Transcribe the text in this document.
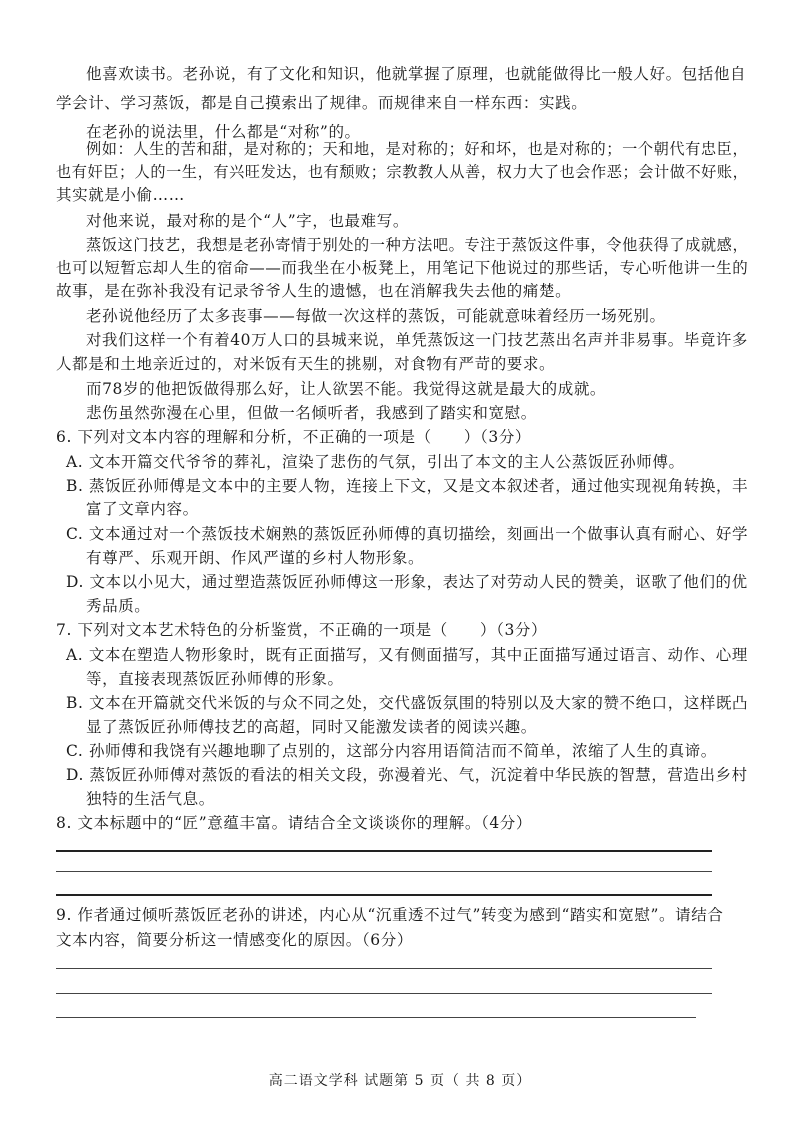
他喜欢读书。老孙说，有了文化和知识，他就掌握了原理，也就能做得比一般人好。包括他自
学会计、学习蒸饭，都是自己摸索出了规律。而规律来自一样东西：实践。
在老孙的说法里，什么都是“对称”的。
例如：人生的苦和甜，是对称的；天和地，是对称的；好和坏，也是对称的；一个朝代有忠臣，
也有奸臣；人的一生，有兴旺发达，也有颓败；宗教教人从善，权力大了也会作恶；会计做不好账，
其实就是小偷……
对他来说，最对称的是个“人”字，也最难写。
蒸饭这门技艺，我想是老孙寄情于别处的一种方法吧。专注于蒸饭这件事，令他获得了成就感，
也可以短暂忘却人生的宿命——而我坐在小板凳上，用笔记下他说过的那些话，专心听他讲一生的
故事，是在弥补我没有记录爷爷人生的遗憾，也在消解我失去他的痛楚。
老孙说他经历了太多丧事——每做一次这样的蒸饭，可能就意味着经历一场死别。
对我们这样一个有着40万人口的县城来说，单凭蒸饭这一门技艺蒸出名声并非易事。毕竟许多
人都是和土地亲近过的，对米饭有天生的挑剔，对食物有严苛的要求。
而78岁的他把饭做得那么好，让人欲罢不能。我觉得这就是最大的成就。
悲伤虽然弥漫在心里，但做一名倾听者，我感到了踏实和宽慰。
6. 下列对文本内容的理解和分析，不正确的一项是（　　）（3分）
A. 文本开篇交代爷爷的葬礼，渲染了悲伤的气氛，引出了本文的主人公蒸饭匠孙师傅。
B. 蒸饭匠孙师傅是文本中的主要人物，连接上下文，又是文本叙述者，通过他实现视角转换，丰
富了文章内容。
C. 文本通过对一个蒸饭技术娴熟的蒸饭匠孙师傅的真切描绘，刻画出一个做事认真有耐心、好学
有尊严、乐观开朗、作风严谨的乡村人物形象。
D. 文本以小见大，通过塑造蒸饭匠孙师傅这一形象，表达了对劳动人民的赞美，讴歌了他们的优
秀品质。
7. 下列对文本艺术特色的分析鉴赏，不正确的一项是（　　）（3分）
A. 文本在塑造人物形象时，既有正面描写，又有侧面描写，其中正面描写通过语言、动作、心理
等，直接表现蒸饭匠孙师傅的形象。
B. 文本在开篇就交代米饭的与众不同之处，交代盛饭氛围的特别以及大家的赞不绝口，这样既凸
显了蒸饭匠孙师傅技艺的高超，同时又能激发读者的阅读兴趣。
C. 孙师傅和我饶有兴趣地聊了点别的，这部分内容用语简洁而不简单，浓缩了人生的真谛。
D. 蒸饭匠孙师傅对蒸饭的看法的相关文段，弥漫着光、气，沉淀着中华民族的智慧，营造出乡村
独特的生活气息。
8. 文本标题中的“匠”意蕴丰富。请结合全文谈谈你的理解。（4分）
9. 作者通过倾听蒸饭匠老孙的讲述，内心从“沉重透不过气”转变为感到“踏实和宽慰”。请结合
文本内容，简要分析这一情感变化的原因。（6分）
高二语文学科 试题第 5 页（ 共 8 页）
